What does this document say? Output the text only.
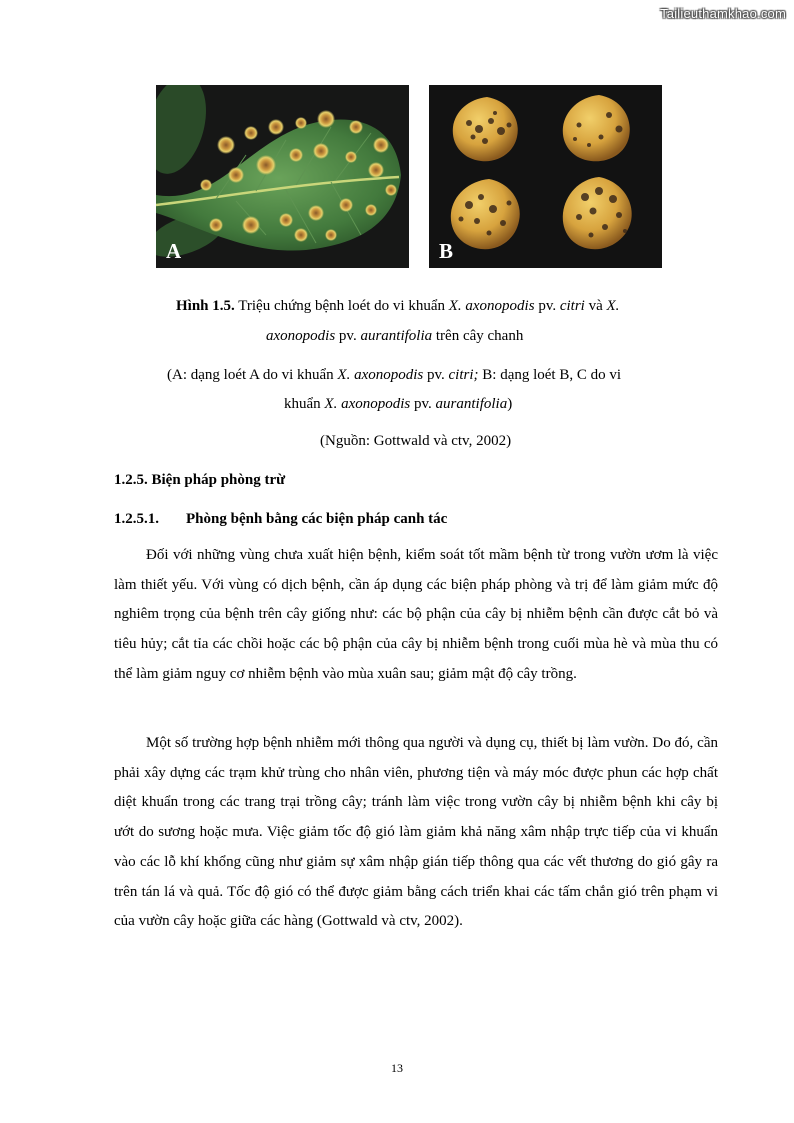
Tailieuthamkhao.com
A	B
Hình 1.5. Triệu chứng bệnh loét do vi khuẩn X. axonopodis pv. citri và X.
axonopodis pv. aurantifolia trên cây chanh
(A: dạng loét A do vi khuẩn X. axonopodis pv. citri; B: dạng loét B, C do vi
khuẩn X. axonopodis pv. aurantifolia)
(Nguồn: Gottwald và ctv, 2002)
1.2.5. Biện pháp phòng trừ
1.2.5.1. Phòng bệnh bằng các biện pháp canh tác

Đối với những vùng chưa xuất hiện bệnh, kiểm soát tốt mầm bệnh từ trong vườn ươm là việc làm thiết yếu. Với vùng có dịch bệnh, cần áp dụng các biện pháp phòng và trị để làm giảm mức độ nghiêm trọng của bệnh trên cây giống như: các bộ phận của cây bị nhiễm bệnh cần được cắt bỏ và tiêu hủy; cắt tỉa các chồi hoặc các bộ phận của cây bị nhiễm bệnh trong cuối mùa hè và mùa thu có thể làm giảm nguy cơ nhiễm bệnh vào mùa xuân sau; giảm mật độ cây trồng.

Một số trường hợp bệnh nhiễm mới thông qua người và dụng cụ, thiết bị làm vườn. Do đó, cần phải xây dựng các trạm khử trùng cho nhân viên, phương tiện và máy móc được phun các hợp chất diệt khuẩn trong các trang trại trồng cây; tránh làm việc trong vườn cây bị nhiễm bệnh khi cây bị ướt do sương hoặc mưa. Việc giảm tốc độ gió làm giảm khả năng xâm nhập trực tiếp của vi khuẩn vào các lỗ khí khổng cũng như giảm sự xâm nhập gián tiếp thông qua các vết thương do gió gây ra trên tán lá và quả. Tốc độ gió có thể được giảm bằng cách triển khai các tấm chắn gió trên phạm vi của vườn cây hoặc giữa các hàng (Gottwald và ctv, 2002).

13
